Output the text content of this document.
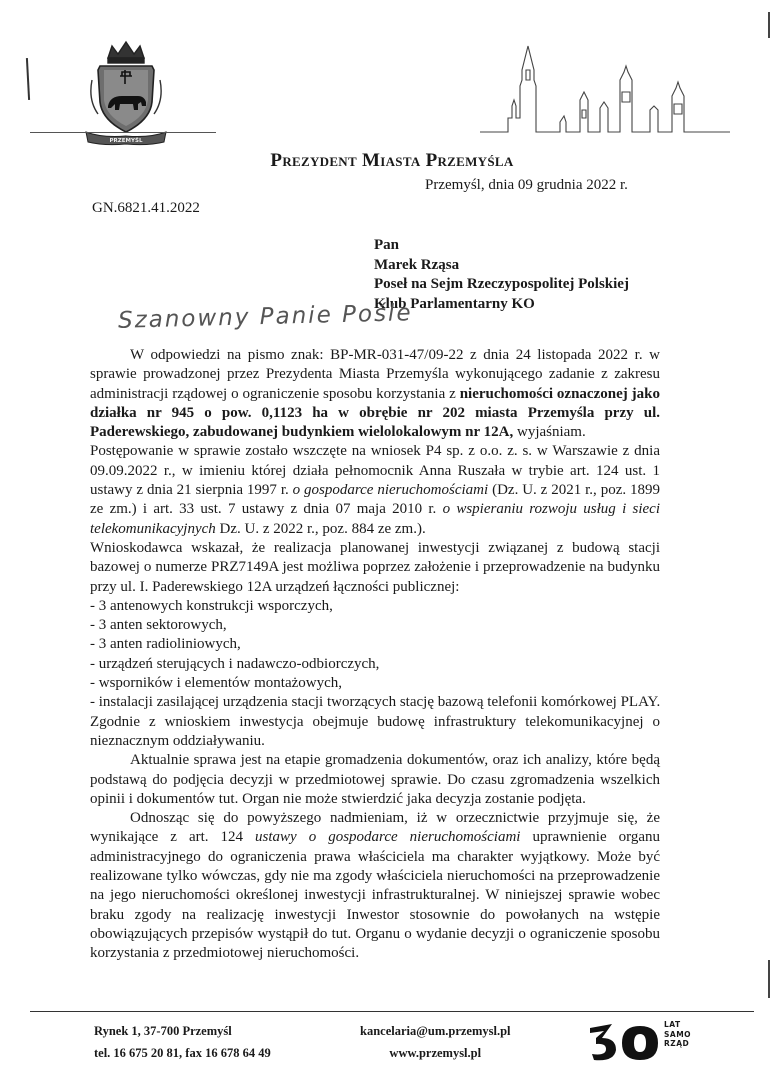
PRZEMYŚL
Prezydent Miasta Przemyśla
Przemyśl, dnia 09 grudnia 2022 r.
GN.6821.41.2022
Pan
Marek Rząsa
Poseł na Sejm Rzeczypospolitej Polskiej
Klub Parlamentarny KO
Szanowny Panie Pośle

W odpowiedzi na pismo znak: BP-MR-031-47/09-22 z dnia 24 listopada 2022 r. w sprawie prowadzonej przez Prezydenta Miasta Przemyśla wykonującego zadanie z zakresu administracji rządowej o ograniczenie sposobu korzystania z nieruchomości oznaczonej jako działka nr 945 o pow. 0,1123 ha w obrębie nr 202 miasta Przemyśla przy ul. Paderewskiego, zabudowanej budynkiem wielolokalowym nr 12A, wyjaśniam.

Postępowanie w sprawie zostało wszczęte na wniosek P4 sp. z o.o. z. s. w Warszawie z dnia 09.09.2022 r., w imieniu której działa pełnomocnik Anna Ruszała w trybie art. 124 ust. 1 ustawy z dnia 21 sierpnia 1997 r. o gospodarce nieruchomościami (Dz. U. z 2021 r., poz. 1899 ze zm.) i art. 33 ust. 7 ustawy z dnia 07 maja 2010 r. o wspieraniu rozwoju usług i sieci telekomunikacyjnych Dz. U. z 2022 r., poz. 884 ze zm.).

Wnioskodawca wskazał, że realizacja planowanej inwestycji związanej z budową stacji bazowej o numerze PRZ7149A jest możliwa poprzez założenie i przeprowadzenie na budynku przy ul. I. Paderewskiego 12A urządzeń łączności publicznej:

- 3 antenowych konstrukcji wsporczych,
- 3 anten sektorowych,
- 3 anten radioliniowych,
- urządzeń sterujących i nadawczo-odbiorczych,
- wsporników i elementów montażowych,
- instalacji zasilającej urządzenia stacji tworzących stację bazową telefonii komórkowej PLAY.

Zgodnie z wnioskiem inwestycja obejmuje budowę infrastruktury telekomunikacyjnej o nieznacznym oddziaływaniu.

Aktualnie sprawa jest na etapie gromadzenia dokumentów, oraz ich analizy, które będą podstawą do podjęcia decyzji w przedmiotowej sprawie. Do czasu zgromadzenia wszelkich opinii i dokumentów tut. Organ nie może stwierdzić jaka decyzja zostanie podjęta.

Odnosząc się do powyższego nadmieniam, iż w orzecznictwie przyjmuje się, że wynikające z art. 124 ustawy o gospodarce nieruchomościami uprawnienie organu administracyjnego do ograniczenia prawa właściciela ma charakter wyjątkowy. Może być realizowane tylko wówczas, gdy nie ma zgody właściciela nieruchomości na przeprowadzenie na jego nieruchomości określonej inwestycji infrastrukturalnej. W niniejszej sprawie wobec braku zgody na realizację inwestycji Inwestor stosownie do powołanych na wstępie obowiązujących przepisów wystąpił do tut. Organu o wydanie decyzji o ograniczenie sposobu korzystania z przedmiotowej nieruchomości.

Rynek 1, 37-700 Przemyśl
tel. 16 675 20 81, fax 16 678 64 49
kancelaria@um.przemysl.pl
www.przemysl.pl
LAT
SAMO
RZĄD
